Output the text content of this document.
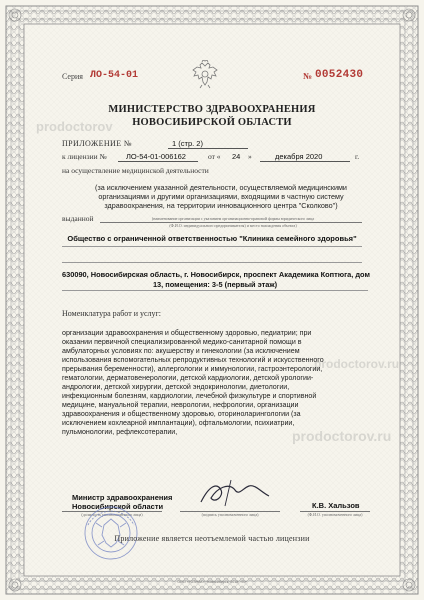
prodoctorov
prodoctorov.ru
prodoctorov.ru
Серия ЛО-54-01	№ 0052430
МИНИСТЕРСТВО ЗДРАВООХРАНЕНИЯ
НОВОСИБИРСКОЙ ОБЛАСТИ
ПРИЛОЖЕНИЕ №	1 (стр. 2)
к лицензии №	ЛО-54-01-006162	от « 24 »	декабря 2020	г.
на осуществление медицинской деятельности
(за исключением указанной деятельности, осуществляемой медицинскими организациями и другими организациями, входящими в частную систему здравоохранения, на территории инновационного центра "Сколково")
выданной	(наименование организации с указанием организационно-правовой формы юридического лица
(Ф.И.О. индивидуального предпринимателя) и место нахождения объекта)
Общество с ограниченной ответственностью "Клиника семейного здоровья"
630090, Новосибирская область, г. Новосибирск, проспект Академика Коптюга, дом
13, помещения: 3-5 (первый этаж)
Номенклатура работ и услуг:
организации здравоохранения и общественному здоровью, педиатрии; при
оказании первичной специализированной медико-санитарной помощи в
амбулаторных условиях по: акушерству и гинекологии (за исключением
использования вспомогательных репродуктивных технологий и искусственного
прерывания беременности), аллергологии и иммунологии, гастроэнтерологии,
гематологии, дерматовенерологии, детской кардиологии, детской урологии-
андрологии, детской хирургии, детской эндокринологии, диетологии,
инфекционным болезням, кардиологии, лечебной физкультуре и спортивной
медицине, мануальной терапии, неврологии, нефрологии, организации
здравоохранения и общественному здоровью, оториноларингологии (за
исключением кохлеарной имплантации), офтальмологии, психиатрии,
пульмонологии, рефлексотерапии,
Министр здравоохранения
Новосибирской области
(должность уполномоченного лица)	(подпись уполномоченного лица)
К.В. Хальзов
(Ф.И.О. уполномоченного лица)
Приложение является неотъемлемой частью лицензии
ООО «ГОЗНАК», Новосибирск, 2018, «Б»
